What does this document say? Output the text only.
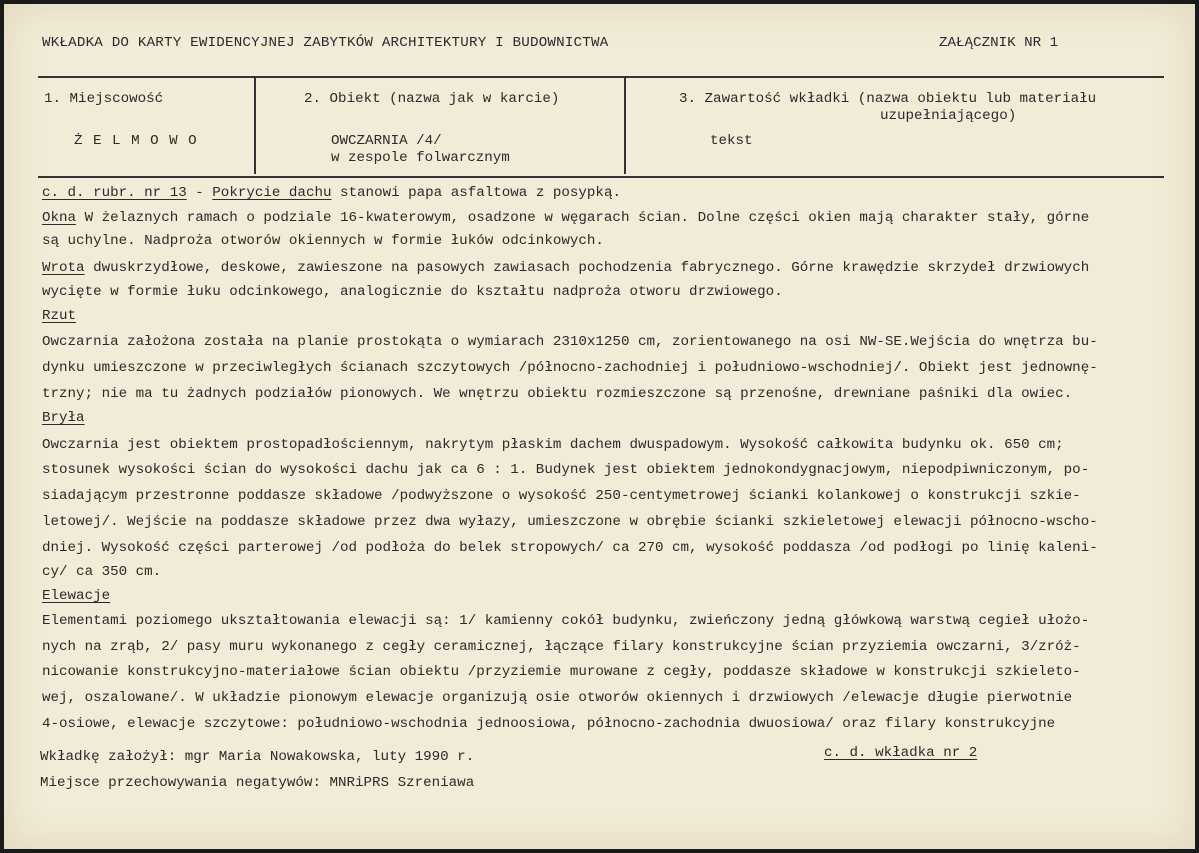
WKŁADKA DO KARTY EWIDENCYJNEJ ZABYTKÓW ARCHITEKTURY I BUDOWNICTWA	ZAŁĄCZNIK NR 1
1. Miejscowość
Ż E L M O W O
2. Obiekt (nazwa jak w karcie)
OWCZARNIA /4/
w zespole folwarcznym
3. Zawartość wkładki (nazwa obiektu lub materiału
uzupełniającego)
tekst
c. d. rubr. nr 13 - Pokrycie dachu stanowi papa asfaltowa z posypką.
Okna W żelaznych ramach o podziale 16-kwaterowym, osadzone w węgarach ścian. Dolne części okien mają charakter stały, górne
są uchylne. Nadproża otworów okiennych w formie łuków odcinkowych.
Wrota dwuskrzydłowe, deskowe, zawieszone na pasowych zawiasach pochodzenia fabrycznego. Górne krawędzie skrzydeł drzwiowych
wycięte w formie łuku odcinkowego, analogicznie do kształtu nadproża otworu drzwiowego.
Rzut
Owczarnia założona została na planie prostokąta o wymiarach 2310x1250 cm, zorientowanego na osi NW-SE.Wejścia do wnętrza bu-
dynku umieszczone w przeciwległych ścianach szczytowych /północno-zachodniej i południowo-wschodniej/. Obiekt jest jednownę-
trzny; nie ma tu żadnych podziałów pionowych. We wnętrzu obiektu rozmieszczone są przenośne, drewniane paśniki dla owiec.
Bryła
Owczarnia jest obiektem prostopadłościennym, nakrytym płaskim dachem dwuspadowym. Wysokość całkowita budynku ok. 650 cm;
stosunek wysokości ścian do wysokości dachu jak ca 6 : 1. Budynek jest obiektem jednokondygnacjowym, niepodpiwniczonym, po-
siadającym przestronne poddasze składowe /podwyższone o wysokość 250-centymetrowej ścianki kolankowej o konstrukcji szkie-
letowej/. Wejście na poddasze składowe przez dwa wyłazy, umieszczone w obrębie ścianki szkieletowej elewacji północno-wscho-
dniej. Wysokość części parterowej /od podłoża do belek stropowych/ ca 270 cm, wysokość poddasza /od podłogi po linię kaleni-
cy/ ca 350 cm.
Elewacje
Elementami poziomego ukształtowania elewacji są: 1/ kamienny cokół budynku, zwieńczony jedną główkową warstwą cegieł ułożo-
nych na zrąb, 2/ pasy muru wykonanego z cegły ceramicznej, łączące filary konstrukcyjne ścian przyziemia owczarni, 3/zróż-
nicowanie konstrukcyjno-materiałowe ścian obiektu /przyziemie murowane z cegły, poddasze składowe w konstrukcji szkieleto-
wej, oszalowane/. W układzie pionowym elewacje organizują osie otworów okiennych i drzwiowych /elewacje długie pierwotnie
4-osiowe, elewacje szczytowe: południowo-wschodnia jednoosiowa, północno-zachodnia dwuosiowa/ oraz filary konstrukcyjne
Wkładkę założył: mgr Maria Nowakowska, luty 1990 r.	c. d. wkładka nr 2
Miejsce przechowywania negatywów: MNRiPRS Szreniawa
